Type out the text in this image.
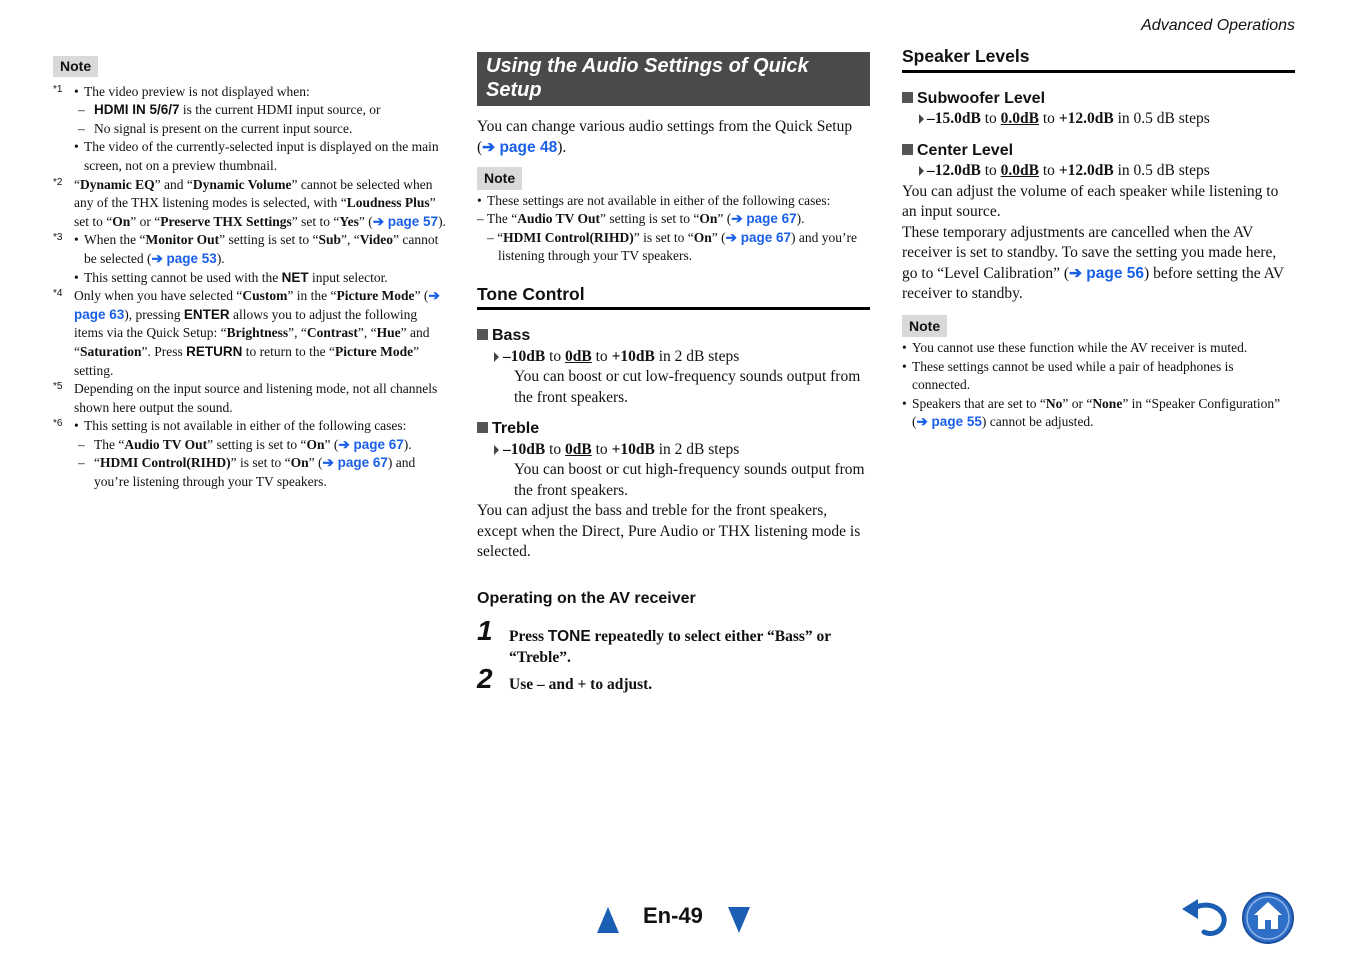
Advanced Operations
Note
*1	• The video preview is not displayed when:
– HDMI IN 5/6/7 is the current HDMI input source, or
– No signal is present on the current input source.
• The video of the currently-selected input is displayed on the main screen, not on a preview thumbnail.
*2 “Dynamic EQ” and “Dynamic Volume” cannot be selected when any of the THX listening modes is selected, with “Loudness Plus” set to “On” or “Preserve THX Settings” set to “Yes” (➔ page 57).
*3	• When the “Monitor Out” setting is set to “Sub”, “Video” cannot be selected (➔ page 53).
• This setting cannot be used with the NET input selector.
*4 Only when you have selected “Custom” in the “Picture Mode” (➔ page 63), pressing ENTER allows you to adjust the following items via the Quick Setup: “Brightness”, “Contrast”, “Hue” and “Saturation”. Press RETURN to return to the “Picture Mode” setting.
*5 Depending on the input source and listening mode, not all channels shown here output the sound.
*6	• This setting is not available in either of the following cases:
– The “Audio TV Out” setting is set to “On” (➔ page 67).
– “HDMI Control(RIHD)” is set to “On” (➔ page 67) and you’re listening through your TV speakers.
Using the Audio Settings of Quick Setup
You can change various audio settings from the Quick Setup (➔ page 48).
Note
• These settings are not available in either of the following cases:
– The “Audio TV Out” setting is set to “On” (➔ page 67).
– “HDMI Control(RIHD)” is set to “On” (➔ page 67) and you’re listening through your TV speakers.
Tone Control
Bass
–10dB to 0dB to +10dB in 2 dB steps
You can boost or cut low-frequency sounds output from the front speakers.
Treble
–10dB to 0dB to +10dB in 2 dB steps
You can boost or cut high-frequency sounds output from the front speakers.
You can adjust the bass and treble for the front speakers, except when the Direct, Pure Audio or THX listening mode is selected.
Operating on the AV receiver
1 Press TONE repeatedly to select either “Bass” or “Treble”.
2 Use – and + to adjust.
Speaker Levels
Subwoofer Level
–15.0dB to 0.0dB to +12.0dB in 0.5 dB steps
Center Level
–12.0dB to 0.0dB to +12.0dB in 0.5 dB steps
You can adjust the volume of each speaker while listening to an input source.
These temporary adjustments are cancelled when the AV receiver is set to standby. To save the setting you made here, go to “Level Calibration” (➔ page 56) before setting the AV receiver to standby.
Note
• You cannot use these function while the AV receiver is muted.
• These settings cannot be used while a pair of headphones is connected.
• Speakers that are set to “No” or “None” in “Speaker Configuration” (➔ page 55) cannot be adjusted.
En-49
